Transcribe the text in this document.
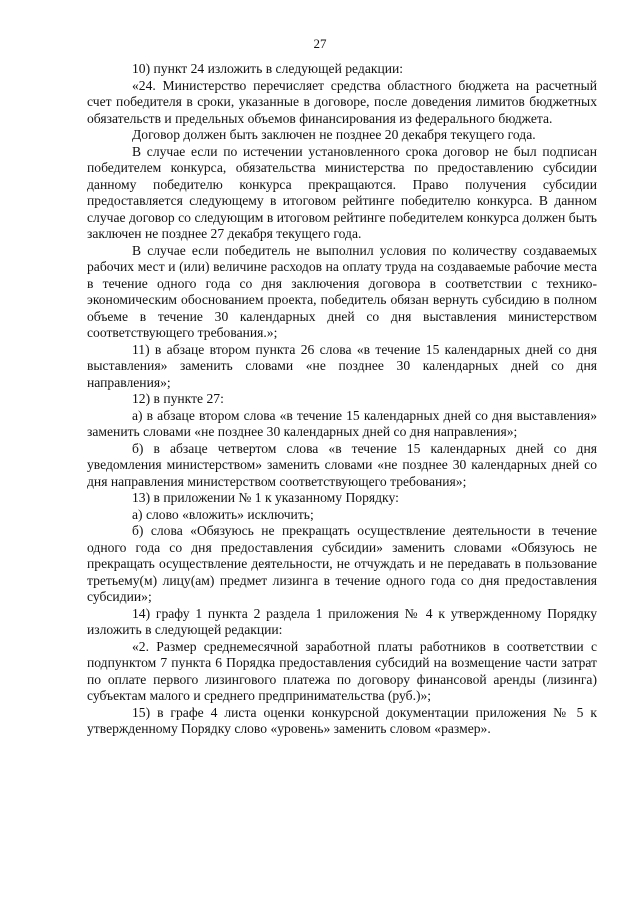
27

10) пункт 24 изложить в следующей редакции:

«24. Министерство перечисляет средства областного бюджета на расчетный счет победителя в сроки, указанные в договоре, после доведения лимитов бюджетных обязательств и предельных объемов финансирования из федерального бюджета.

Договор должен быть заключен не позднее 20 декабря текущего года.

В случае если по истечении установленного срока договор не был подписан победителем конкурса, обязательства министерства по предоставлению субсидии данному победителю конкурса прекращаются. Право получения субсидии предоставляется следующему в итоговом рейтинге победителю конкурса. В данном случае договор со следующим в итоговом рейтинге победителем конкурса должен быть заключен не позднее 27 декабря текущего года.

В случае если победитель не выполнил условия по количеству создаваемых рабочих мест и (или) величине расходов на оплату труда на создаваемые рабочие места в течение одного года со дня заключения договора в соответствии с технико-экономическим обоснованием проекта, победитель обязан вернуть субсидию в полном объеме в течение 30 календарных дней со дня выставления министерством соответствующего требования.»;

11) в абзаце втором пункта 26 слова «в течение 15 календарных дней со дня выставления» заменить словами «не позднее 30 календарных дней со дня направления»;

12) в пункте 27:

а) в абзаце втором слова «в течение 15 календарных дней со дня выставления» заменить словами «не позднее 30 календарных дней со дня направления»;

б) в абзаце четвертом слова «в течение 15 календарных дней со дня уведомления министерством» заменить словами «не позднее 30 календарных дней со дня направления министерством соответствующего требования»;

13) в приложении № 1 к указанному Порядку:

а) слово «вложить» исключить;

б) слова «Обязуюсь не прекращать осуществление деятельности в течение одного года со дня предоставления субсидии» заменить словами «Обязуюсь не прекращать осуществление деятельности, не отчуждать и не передавать в пользование третьему(м) лицу(ам) предмет лизинга в течение одного года со дня предоставления субсидии»;

14) графу 1 пункта 2 раздела 1 приложения № 4 к утвержденному Порядку изложить в следующей редакции:

«2. Размер среднемесячной заработной платы работников в соответствии с подпунктом 7 пункта 6 Порядка предоставления субсидий на возмещение части затрат по оплате первого лизингового платежа по договору финансовой аренды (лизинга) субъектам малого и среднего предпринимательства (руб.)»;

15) в графе 4 листа оценки конкурсной документации приложения № 5 к утвержденному Порядку слово «уровень» заменить словом «размер».
